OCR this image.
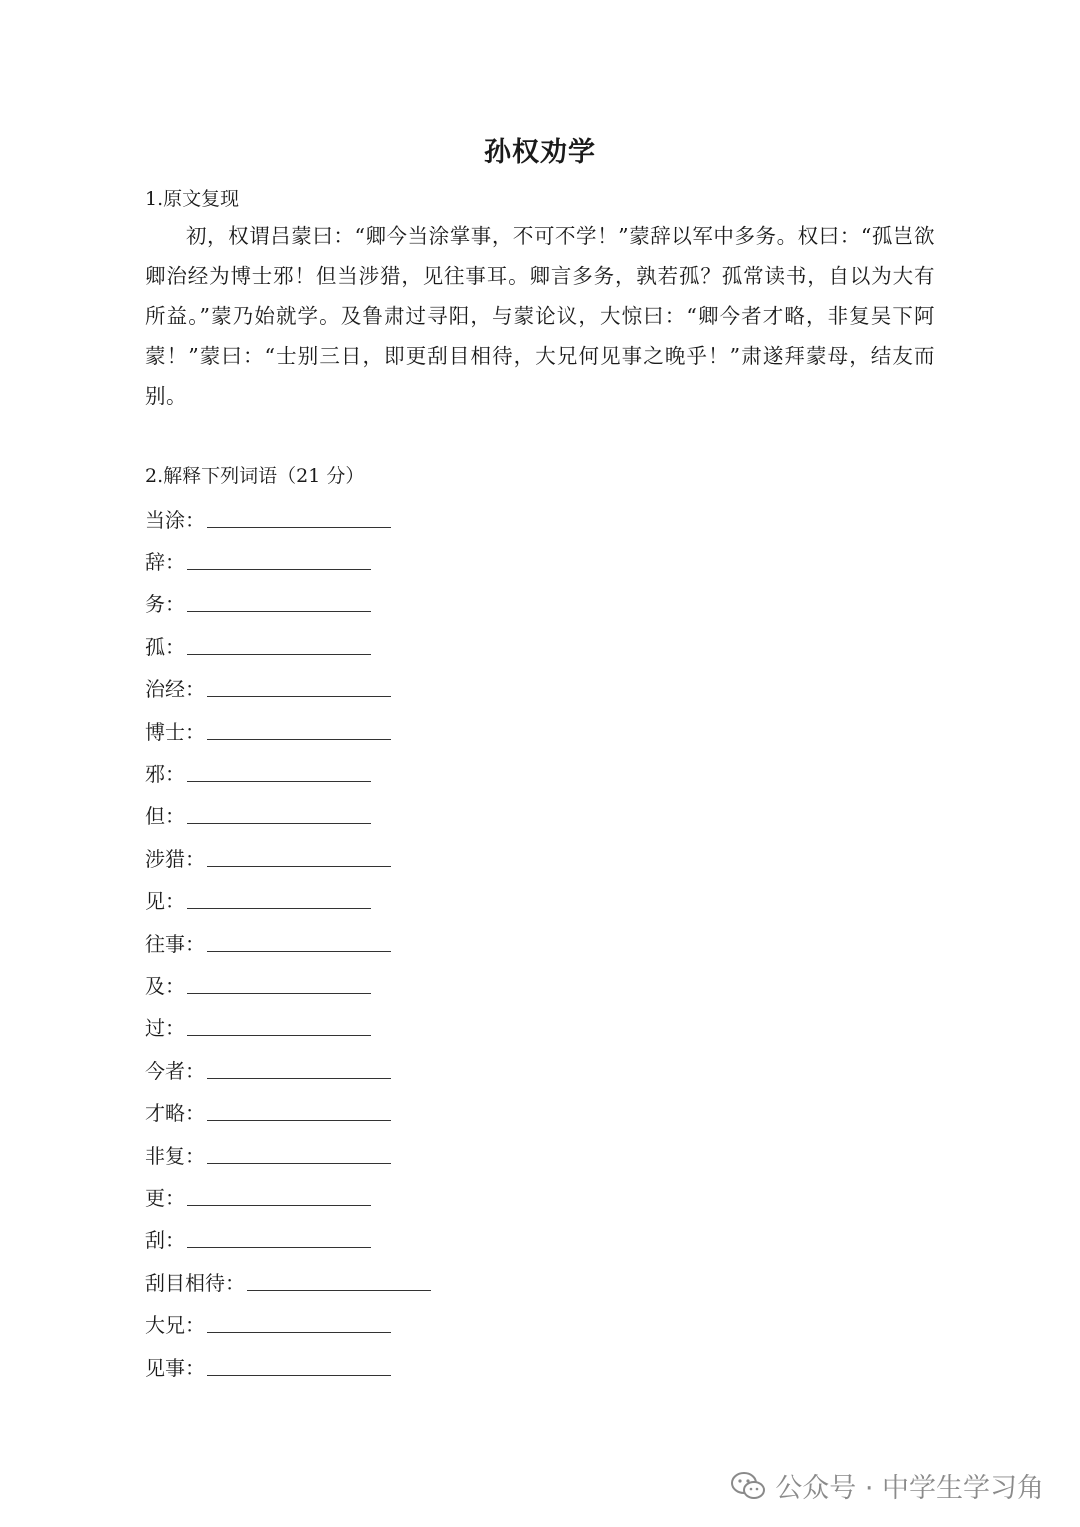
孙权劝学
1.原文复现

初，权谓吕蒙曰：“卿今当涂掌事，不可不学！”蒙辞以军中多务。权曰：“孤岂欲卿治经为博士邪！但当涉猎，见往事耳。卿言多务，孰若孤？孤常读书，自以为大有所益。”蒙乃始就学。及鲁肃过寻阳，与蒙论议，大惊曰：“卿今者才略，非复吴下阿蒙！”蒙曰：“士别三日，即更刮目相待，大兄何见事之晚乎！”肃遂拜蒙母，结友而别。

2.解释下列词语（21 分）
当涂：
辞：
务：
孤：
治经：
博士：
邪：
但：
涉猎：
见：
往事：
及：
过：
今者：
才略：
非复：
更：
刮：
刮目相待：
大兄：
见事：
公众号 · 中学生学习角
